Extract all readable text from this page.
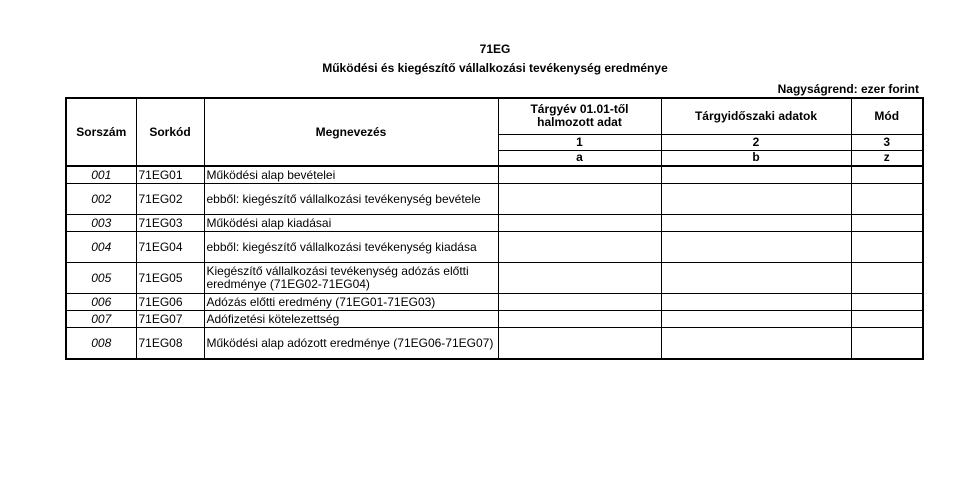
71EG
Működési és kiegészítő vállalkozási tevékenység eredménye
Nagyságrend: ezer forint
Sorszám	Sorkód	Megnevezés	Tárgyév 01.01-től halmozott adat	Tárgyidőszaki adatok	Mód
			1	2	3
			a	b	z
001	71EG01	Működési alap bevételei			
002	71EG02	ebből: kiegészítő vállalkozási tevékenység bevétele			
003	71EG03	Működési alap kiadásai			
004	71EG04	ebből: kiegészítő vállalkozási tevékenység kiadása			
005	71EG05	Kiegészítő vállalkozási tevékenység adózás előtti eredménye (71EG02-71EG04)			
006	71EG06	Adózás előtti eredmény (71EG01-71EG03)			
007	71EG07	Adófizetési kötelezettség			
008	71EG08	Működési alap adózott eredménye (71EG06-71EG07)			
